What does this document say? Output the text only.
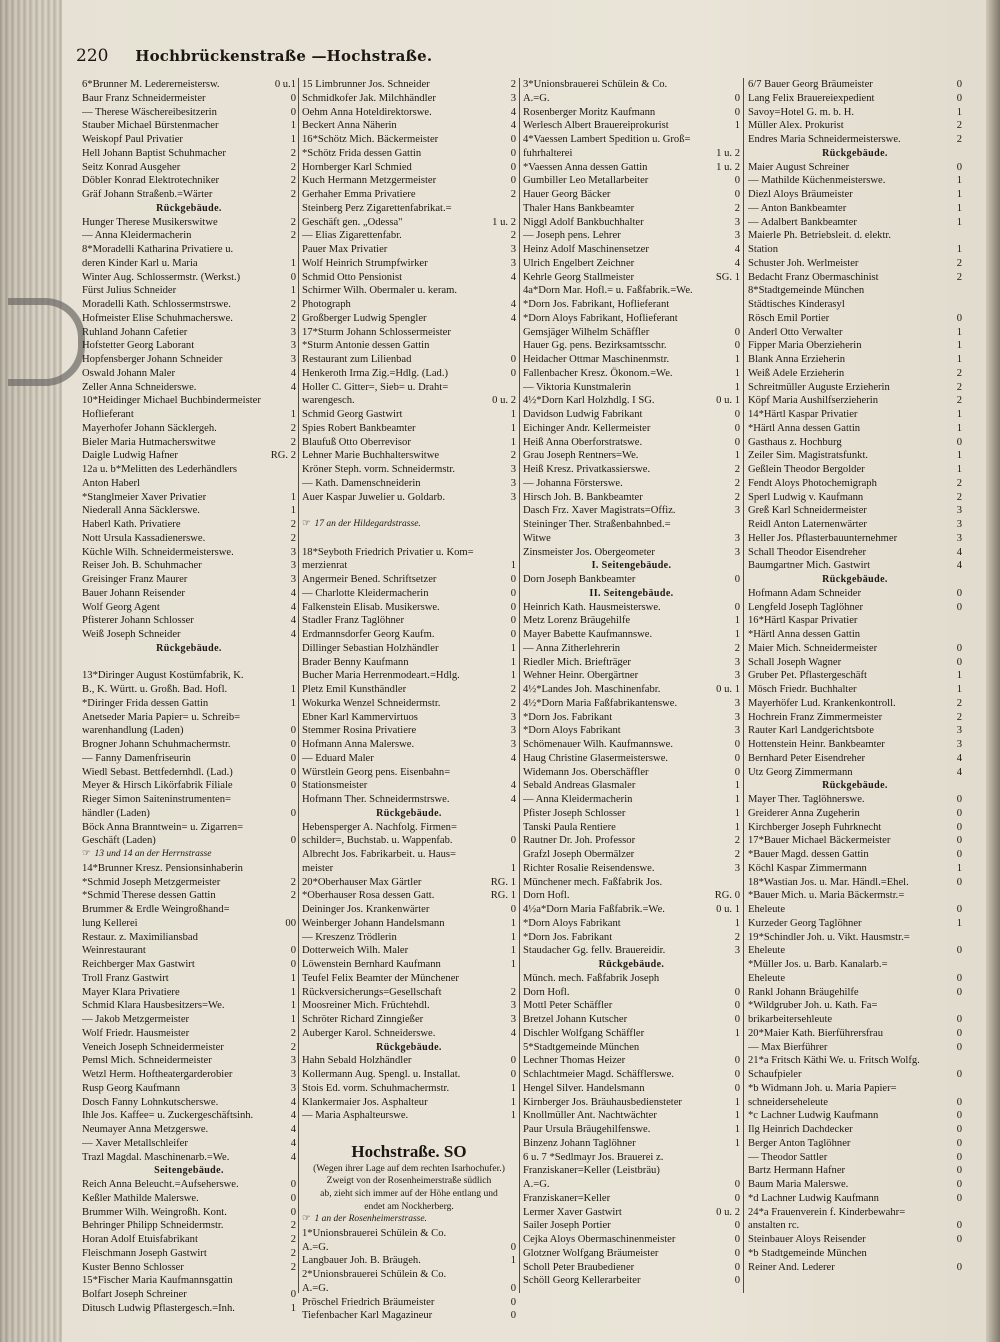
220 Hochbrückenstraße —Hochstraße.
6*Brunner M. Ledererneistersw.	0 u.1
Baur Franz Schneidermeister	0
— Therese Wäschereibesitzerin	0
Stauber Michael Bürstenmacher	1
Weiskopf Paul Privatier	1
Hell Johann Baptist Schuhmacher	2
Seitz Konrad Ausgeher	2
Döbler Konrad Elektrotechniker	2
Gräf Johann Straßenb.=Wärter	2
Rückgebäude.
Hunger Therese Musikerswitwe	2
— Anna Kleidermacherin	2
8*Moradelli Katharina Privatiere u.
deren Kinder Karl u. Maria	1
Winter Aug. Schlossermstr. (Werkst.)	0
Fürst Julius Schneider	1
Moradelli Kath. Schlossermstrswe.	2
Hofmeister Elise Schuhmacherswe.	2
Ruhland Johann Cafetier	3
Hofstetter Georg Laborant	3
Hopfensberger Johann Schneider	3
Oswald Johann Maler	4
Zeller Anna Schneiderswe.	4
10*Heidinger Michael Buchbindermeister
Hoflieferant	1
Mayerhofer Johann Säcklergeh.	2
Bieler Maria Hutmacherswitwe	2
Daigle Ludwig Hafner	RG. 2
12a u. b*Melitten des Lederhändlers
Anton Haberl
*Stanglmeier Xaver Privatier	1
Niederall Anna Säcklerswe.	1
Haberl Kath. Privatiere	2
Nott Ursula Kassadienerswe.	2
Küchle Wilh. Schneidermeisterswe.	3
Reiser Joh. B. Schuhmacher	3
Greisinger Franz Maurer	3
Bauer Johann Reisender	4
Wolf Georg Agent	4
Pfisterer Johann Schlosser	4
Weiß Joseph Schneider	4
Rückgebäude.
13*Diringer August Kostümfabrik, K.
B., K. Württ. u. Großh. Bad. Hofl.	1
*Diringer Frida dessen Gattin	1
Anetseder Maria Papier= u. Schreib=
warenhandlung (Laden)	0
Brogner Johann Schuhmachermstr.	0
— Fanny Damenfriseurin	0
Wiedl Sebast. Bettfedernhdl. (Lad.)	0
Meyer & Hirsch Likörfabrik Filiale	0
Rieger Simon Saiteninstrumenten=
händler (Laden)	0
Böck Anna Branntwein= u. Zigarren=
Geschäft (Laden)	0
☞ 13 und 14 an der Herrnstrasse
14*Brunner Kresz. Pensionsinhaberin
*Schmid Joseph Metzgermeister	2
*Schmid Therese dessen Gattin	2
Brummer & Erdle Weingroßhand=
lung Kellerei	00
Restaur. z. Maximiliansbad
Weinrestaurant	0
Reichberger Max Gastwirt	0
Troll Franz Gastwirt	1
Mayer Klara Privatiere	1
Schmid Klara Hausbesitzers=We.	1
— Jakob Metzgermeister	1
Wolf Friedr. Hausmeister	2
Veneich Joseph Schneidermeister	2
Pemsl Mich. Schneidermeister	3
Wetzl Herm. Hoftheatergarderobier	3
Rusp Georg Kaufmann	3
Dosch Fanny Lohnkutscherswe.	4
Ihle Jos. Kaffee= u. Zuckergeschäftsinh.	4
Neumayer Anna Metzgerswe.	4
— Xaver Metallschleifer	4
Trazl Magdal. Maschinenarb.=We.	4
Seitengebäude.
Reich Anna Beleucht.=Aufseherswe.	0
Keßler Mathilde Malerswe.	0
Brummer Wilh. Weingroßh. Kont.	0
Behringer Philipp Schneidermstr.	2
Horan Adolf Etuisfabrikant	2
Fleischmann Joseph Gastwirt	2
Kuster Benno Schlosser	2
15*Fischer Maria Kaufmannsgattin
Bolfart Joseph Schreiner	0
Ditusch Ludwig Pflastergesch.=Inh.	1
15 Limbrunner Jos. Schneider	2
Schmidkofer Jak. Milchhändler	3
Oehm Anna Hoteldirektorswe.	4
Beckert Anna Näherin	4
16*Schötz Mich. Bäckermeister	0
*Schötz Frida dessen Gattin	0
Hornberger Karl Schmied	0
Kuch Hermann Metzgermeister	0
Gerhaher Emma Privatiere	2
Steinberg Perz Zigarettenfabrikat.=
Geschäft gen. „Odessa"	1 u. 2
— Elias Zigarettenfabr.	2
Pauer Max Privatier	3
Wolf Heinrich Strumpfwirker	3
Schmid Otto Pensionist	4
Schirmer Wilh. Obermaler u. keram.
Photograph	4
Großberger Ludwig Spengler	4
17*Sturm Johann Schlossermeister
*Sturm Antonie dessen Gattin
Restaurant zum Lilienbad	0
Henkeroth Irma Zig.=Hdlg. (Lad.)	0
Holler C. Gitter=, Sieb= u. Draht=
warengesch.	0 u. 2
Schmid Georg Gastwirt	1
Spies Robert Bankbeamter	1
Blaufuß Otto Oberrevisor	1
Lehner Marie Buchhalterswitwe	2
Kröner Steph. vorm. Schneidermstr.	3
— Kath. Damenschneiderin	3
Auer Kaspar Juwelier u. Goldarb.	3
☞ 17 an der Hildegardstrasse.
18*Seyboth Friedrich Privatier u. Kom=
merzienrat	1
Angermeir Bened. Schriftsetzer	0
— Charlotte Kleidermacherin	0
Falkenstein Elisab. Musikerswe.	0
Stadler Franz Taglöhner	0
Erdmannsdorfer Georg Kaufm.	0
Dillinger Sebastian Holzhändler	1
Brader Benny Kaufmann	1
Bucher Maria Herrenmodeart.=Hdlg.	1
Pletz Emil Kunsthändler	2
Wokurka Wenzel Schneidermstr.	2
Ebner Karl Kammervirtuos	3
Stemmer Rosina Privatiere	3
Hofmann Anna Malerswe.	3
— Eduard Maler	4
Würstlein Georg pens. Eisenbahn=
Stationsmeister	4
Hofmann Ther. Schneidermstrswe.	4
Rückgebäude.
Hebensperger A. Nachfolg. Firmen=
schilder=, Buchstab. u. Wappenfab.	0
Albrecht Jos. Fabrikarbeit. u. Haus=
meister	1
20*Oberhauser Max Gärtler	RG. 1
*Oberhauser Rosa dessen Gatt.	RG. 1
Deininger Jos. Krankenwärter	0
Weinberger Johann Handelsmann	1
— Kreszenz Trödlerin	1
Dotterweich Wilh. Maler	1
Löwenstein Bernhard Kaufmann	1
Teufel Felix Beamter der Münchener
Rückversicherungs=Gesellschaft	2
Moosreiner Mich. Früchtehdl.	3
Schröter Richard Zinngießer	3
Auberger Karol. Schneiderswe.	4
Rückgebäude.
Hahn Sebald Holzhändler	0
Kollermann Aug. Spengl. u. Installat.	0
Stois Ed. vorm. Schuhmachermstr.	1
Klankermaier Jos. Asphalteur	1
— Maria Asphalteurswe.	1
Hochstraße. SO
(Wegen ihrer Lage auf dem rechten Isarhochufer.)
Zweigt von der Rosenheimerstraße südlich
ab, zieht sich immer auf der Höhe entlang und
endet am Nockherberg.
☞ 1 an der Rosenheimerstrasse.
1*Unionsbrauerei Schülein & Co.
A.=G.	0
Langbauer Joh. B. Bräugeh.	1
2*Unionsbrauerei Schülein & Co.
A.=G.	0
Pröschel Friedrich Bräumeister	0
Tiefenbacher Karl Magazineur	0
3*Unionsbrauerei Schülein & Co.
A.=G.	0
Rosenberger Moritz Kaufmann	0
Werlesch Albert Brauereiprokurist	1
4*Vaessen Lambert Spedition u. Groß=
fuhrhalterei	1 u. 2
*Vaessen Anna dessen Gattin	1 u. 2
Gumbiller Leo Metallarbeiter	0
Hauer Georg Bäcker	0
Thaler Hans Bankbeamter	2
Niggl Adolf Bankbuchhalter	3
— Joseph pens. Lehrer	3
Heinz Adolf Maschinensetzer	4
Ulrich Engelbert Zeichner	4
Kehrle Georg Stallmeister	SG. 1
4a*Dorn Mar. Hofl.= u. Faßfabrik.=We.
*Dorn Jos. Fabrikant, Hoflieferant
*Dorn Aloys Fabrikant, Hoflieferant
Gemsjäger Wilhelm Schäffler	0
Hauer Gg. pens. Bezirksamtsschr.	0
Heidacher Ottmar Maschinenmstr.	1
Fallenbacher Kresz. Ökonom.=We.	1
— Viktoria Kunstmalerin	1
4½*Dorn Karl Holzhdlg. I SG.	0 u. 1
Davidson Ludwig Fabrikant	0
Eichinger Andr. Kellermeister	0
Heiß Anna Oberforstratswe.	0
Grau Joseph Rentners=We.	1
Heiß Kresz. Privatkassierswe.	2
— Johanna Försterswe.	2
Hirsch Joh. B. Bankbeamter	2
Dasch Frz. Xaver Magistrats=Offiz.	3
Steininger Ther. Straßenbahnbed.=
Witwe	3
Zinsmeister Jos. Obergeometer	3
I. Seitengebäude.
Dorn Joseph Bankbeamter	0
II. Seitengebäude.
Heinrich Kath. Hausmeisterswe.	0
Metz Lorenz Bräugehilfe	1
Mayer Babette Kaufmannswe.	1
— Anna Zitherlehrerin	2
Riedler Mich. Briefträger	3
Wehner Heinr. Obergärtner	3
4½*Landes Joh. Maschinenfabr.	0 u. 1
4½*Dorn Maria Faßfabrikantenswe.	3
*Dorn Jos. Fabrikant	3
*Dorn Aloys Fabrikant	3
Schömenauer Wilh. Kaufmannswe.	0
Haug Christine Glasermeisterswe.	0
Widemann Jos. Oberschäffler	0
Sebald Andreas Glasmaler	1
— Anna Kleidermacherin	1
Pfister Joseph Schlosser	1
Tanski Paula Rentiere	1
Rautner Dr. Joh. Professor	2
Grafzl Joseph Obermälzer	2
Richter Rosalie Reisendenswe.	3
Münchener mech. Faßfabrik Jos.
Dorn Hofl.	RG. 0
4½a*Dorn Maria Faßfabrik.=We.	0 u. 1
*Dorn Aloys Fabrikant	1
*Dorn Jos. Fabrikant	2
Staudacher Gg. fellv. Brauereidir.	3
Rückgebäude.
Münch. mech. Faßfabrik Joseph
Dorn Hofl.	0
Mottl Peter Schäffler	0
Bretzel Johann Kutscher	0
Dischler Wolfgang Schäffler	1
5*Stadtgemeinde München
Lechner Thomas Heizer	0
Schlachtmeier Magd. Schäfflerswe.	0
Hengel Silver. Handelsmann	0
Kirnberger Jos. Bräuhausbediensteter	1
Knollmüller Ant. Nachtwächter	1
Paur Ursula Bräugehilfenswe.	1
Binzenz Johann Taglöhner	1
6 u. 7 *Sedlmayr Jos. Brauerei z.
Franziskaner=Keller (Leistbräu)
A.=G.	0
Franziskaner=Keller	0
Lermer Xaver Gastwirt	0 u. 2
Sailer Joseph Portier	0
Cejka Aloys Obermaschinenmeister	0
Glotzner Wolfgang Bräumeister	0
Scholl Peter Braubediener	0
Schöll Georg Kellerarbeiter	0
6/7 Bauer Georg Bräumeister	0
Lang Felix Brauereiexpedient	0
Savoy=Hotel G. m. b. H.	1
Müller Alex. Prokurist	2
Endres Maria Schneidermeisterswe.	2
Rückgebäude.
Maier August Schreiner	0
— Mathilde Küchenmeisterswe.	1
Diezl Aloys Bräumeister	1
— Anton Bankbeamter	1
— Adalbert Bankbeamter	1
Maierle Ph. Betriebsleit. d. elektr.
Station	1
Schuster Joh. Werlmeister	2
Bedacht Franz Obermaschinist	2
8*Stadtgemeinde München
Städtisches Kinderasyl
Rösch Emil Portier	0
Anderl Otto Verwalter	1
Fipper Maria Oberzieherin	1
Blank Anna Erzieherin	1
Weiß Adele Erzieherin	2
Schreitmüller Auguste Erzieherin	2
Köpf Maria Aushilfserzieherin	2
14*Härtl Kaspar Privatier	1
*Härtl Anna dessen Gattin	1
Gasthaus z. Hochburg	0
Zeiler Sim. Magistratsfunkt.	1
Geßlein Theodor Bergolder	1
Fendt Aloys Photochemigraph	2
Sperl Ludwig v. Kaufmann	2
Greß Karl Schneidermeister	3
Reidl Anton Laternenwärter	3
Heller Jos. Pflasterbauunternehmer	3
Schall Theodor Eisendreher	4
Baumgartner Mich. Gastwirt	4
Rückgebäude.
Hofmann Adam Schneider	0
Lengfeld Joseph Taglöhner	0
16*Härtl Kaspar Privatier
*Härtl Anna dessen Gattin
Maier Mich. Schneidermeister	0
Schall Joseph Wagner	0
Gruber Pet. Pflastergeschäft	1
Mösch Friedr. Buchhalter	1
Mayerhöfer Lud. Krankenkontroll.	2
Hochrein Franz Zimmermeister	2
Rauter Karl Landgerichtsbote	3
Hottenstein Heinr. Bankbeamter	3
Bernhard Peter Eisendreher	4
Utz Georg Zimmermann	4
Rückgebäude.
Mayer Ther. Taglöhnerswe.	0
Greiderer Anna Zugeherin	0
Kirchberger Joseph Fuhrknecht	0
17*Bauer Michael Bäckermeister	0
*Bauer Magd. dessen Gattin	0
Köchl Kaspar Zimmermann	1
18*Wastian Jos. u. Mar. Händl.=Ehel.	0
*Bauer Mich. u. Maria Bäckermstr.=
Eheleute	0
Kurzeder Georg Taglöhner	1
19*Schindler Joh. u. Vikt. Hausmstr.=
Eheleute	0
*Müller Jos. u. Barb. Kanalarb.=
Eheleute	0
Rankl Johann Bräugehilfe	0
*Wildgruber Joh. u. Kath. Fa=
brikarbeitersehleute	0
20*Maier Kath. Bierführersfrau	0
— Max Bierführer	0
21*a Fritsch Käthi We. u. Fritsch Wolfg.
Schaufpieler	0
*b Widmann Joh. u. Maria Papier=
schneiderseheleute	0
*c Lachner Ludwig Kaufmann	0
Ilg Heinrich Dachdecker	0
Berger Anton Taglöhner	0
— Theodor Sattler	0
Bartz Hermann Hafner	0
Baum Maria Malerswe.	0
*d Lachner Ludwig Kaufmann	0
24*a Frauenverein f. Kinderbewahr=
anstalten rc.	0
Steinbauer Aloys Reisender	0
*b Stadtgemeinde München
Reiner And. Lederer	0
